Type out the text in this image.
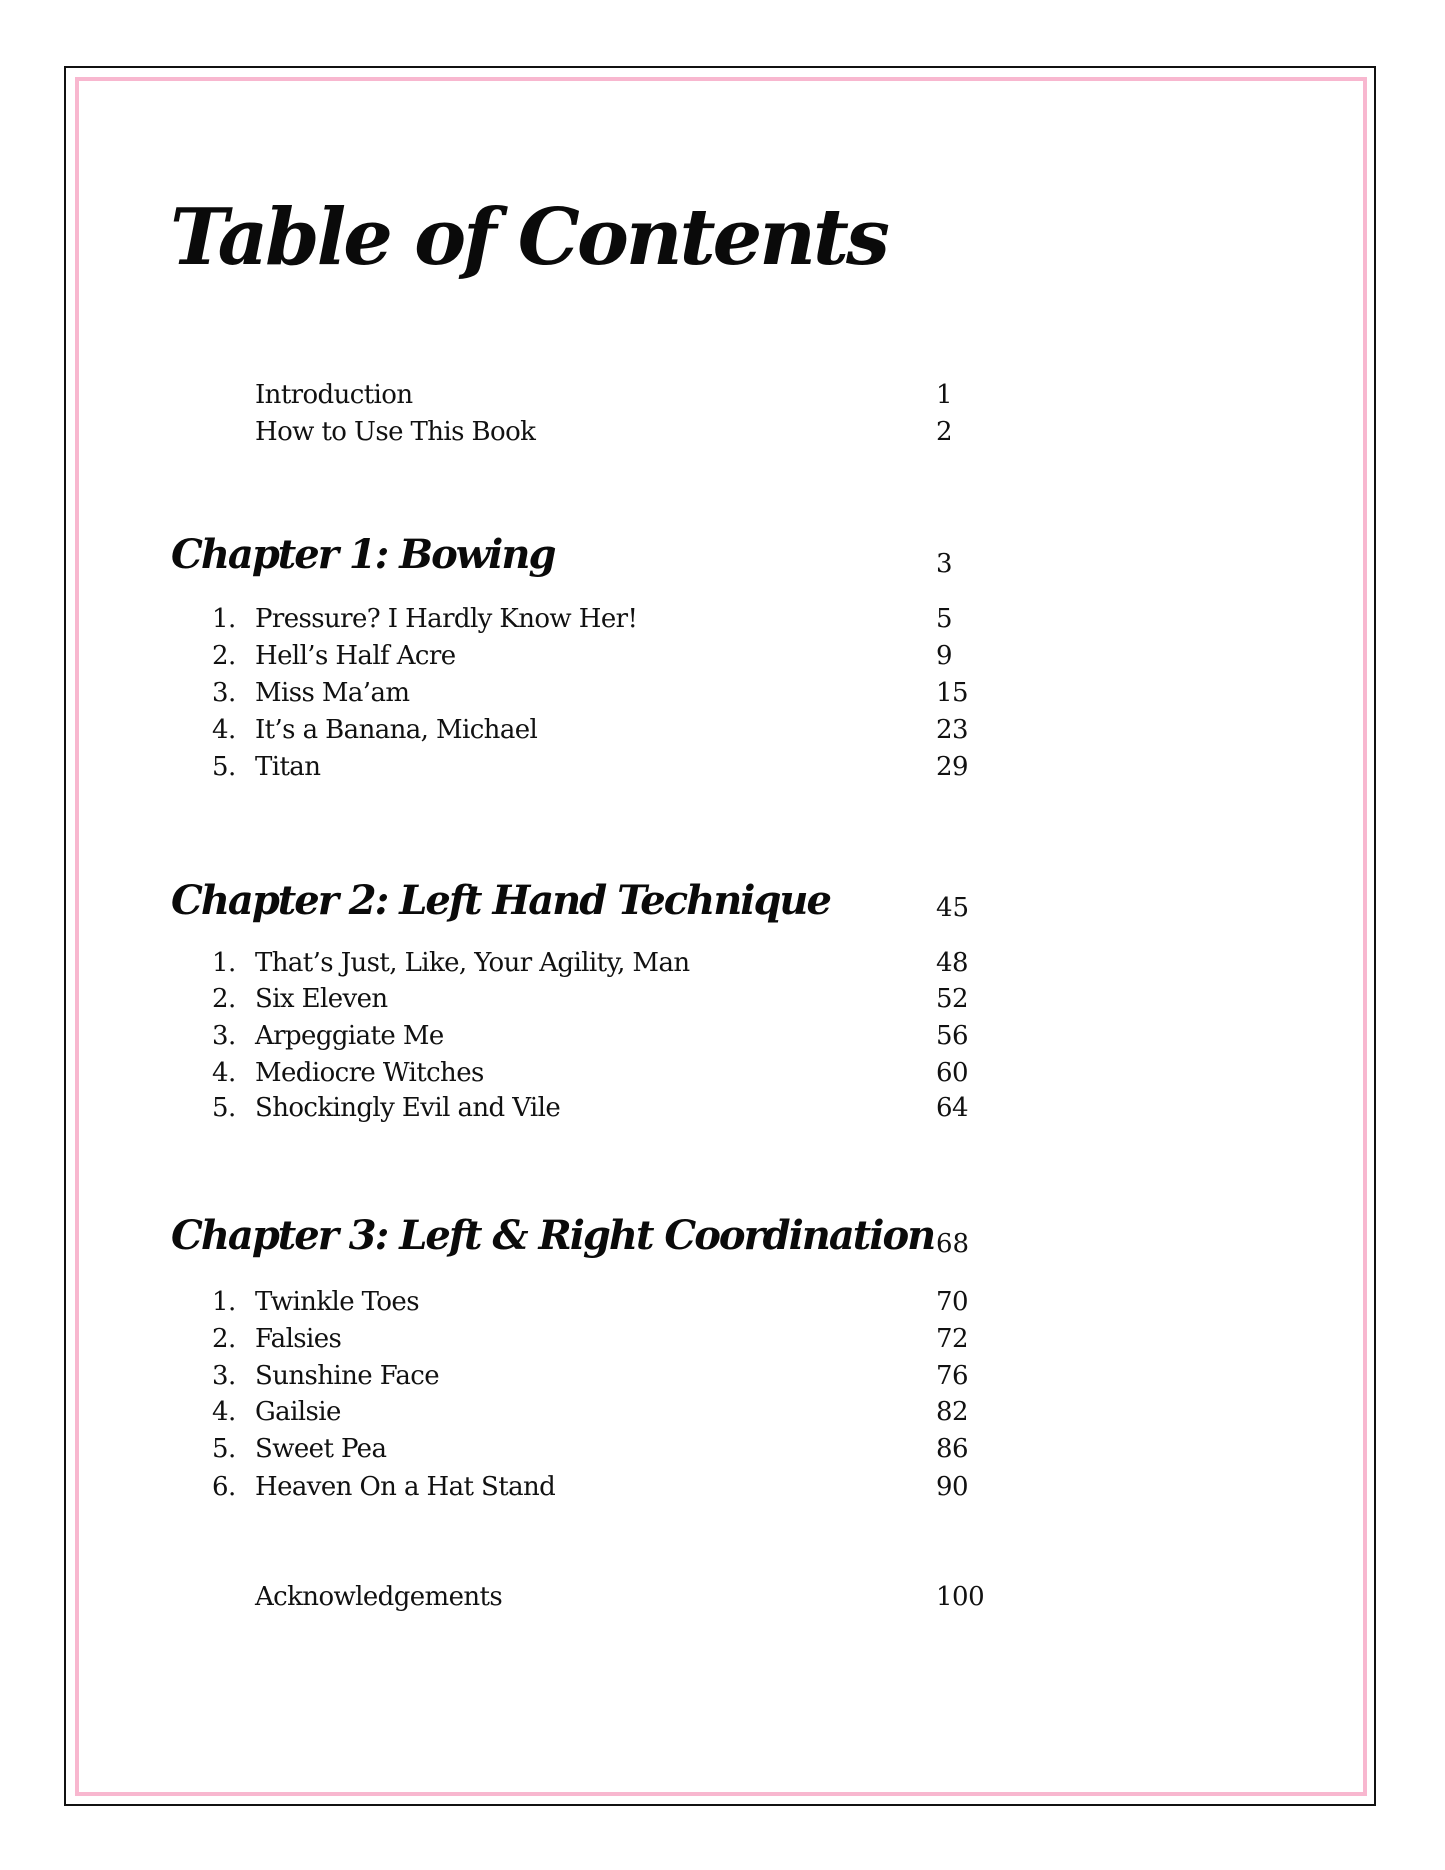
Table of Contents
Introduction	1
How to Use This Book	2
Chapter 1: Bowing	3
1. Pressure? I Hardly Know Her!	5
2. Hell’s Half Acre	9
3. Miss Ma’am	15
4. It’s a Banana, Michael	23
5. Titan	29
Chapter 2: Left Hand Technique	45
1. That’s Just, Like, Your Agility, Man	48
2. Six Eleven	52
3. Arpeggiate Me	56
4. Mediocre Witches	60
5. Shockingly Evil and Vile	64
Chapter 3: Left & Right Coordination 68
1. Twinkle Toes	70
2. Falsies	72
3. Sunshine Face	76
4. Gailsie	82
5. Sweet Pea	86
6. Heaven On a Hat Stand	90
Acknowledgements	100
